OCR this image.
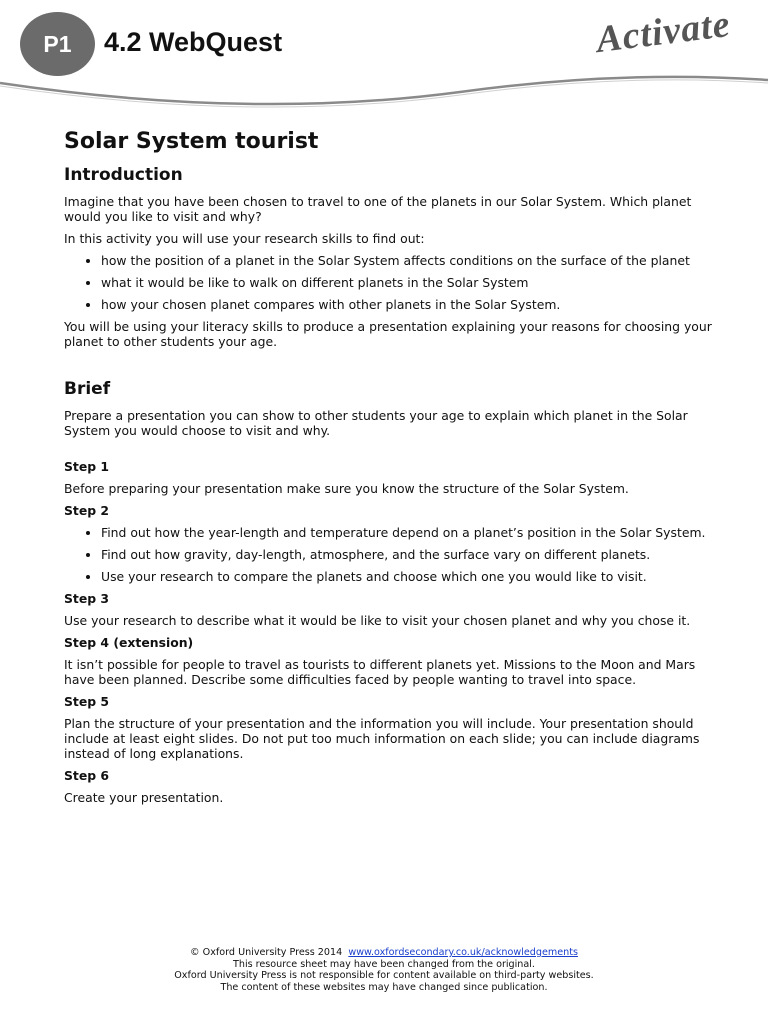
P1	4.2 WebQuest	Activate
Solar System tourist
Introduction

Imagine that you have been chosen to travel to one of the planets in our Solar System. Which planet would you like to visit and why?

In this activity you will use your research skills to find out:

• how the position of a planet in the Solar System affects conditions on the surface of the planet
• what it would be like to walk on different planets in the Solar System
• how your chosen planet compares with other planets in the Solar System.

You will be using your literacy skills to produce a presentation explaining your reasons for choosing your planet to other students your age.

Brief

Prepare a presentation you can show to other students your age to explain which planet in the Solar System you would choose to visit and why.

Step 1

Before preparing your presentation make sure you know the structure of the Solar System.

Step 2
• Find out how the year-length and temperature depend on a planet’s position in the Solar System.
• Find out how gravity, day-length, atmosphere, and the surface vary on different planets.
• Use your research to compare the planets and choose which one you would like to visit.
Step 3

Use your research to describe what it would be like to visit your chosen planet and why you chose it.

Step 4 (extension)

It isn’t possible for people to travel as tourists to different planets yet. Missions to the Moon and Mars have been planned. Describe some difficulties faced by people wanting to travel into space.

Step 5

Plan the structure of your presentation and the information you will include. Your presentation should include at least eight slides. Do not put too much information on each slide; you can include diagrams instead of long explanations.

Step 6

Create your presentation.

© Oxford University Press 2014 www.oxfordsecondary.co.uk/acknowledgements
This resource sheet may have been changed from the original.
Oxford University Press is not responsible for content available on third-party websites.
The content of these websites may have changed since publication.
